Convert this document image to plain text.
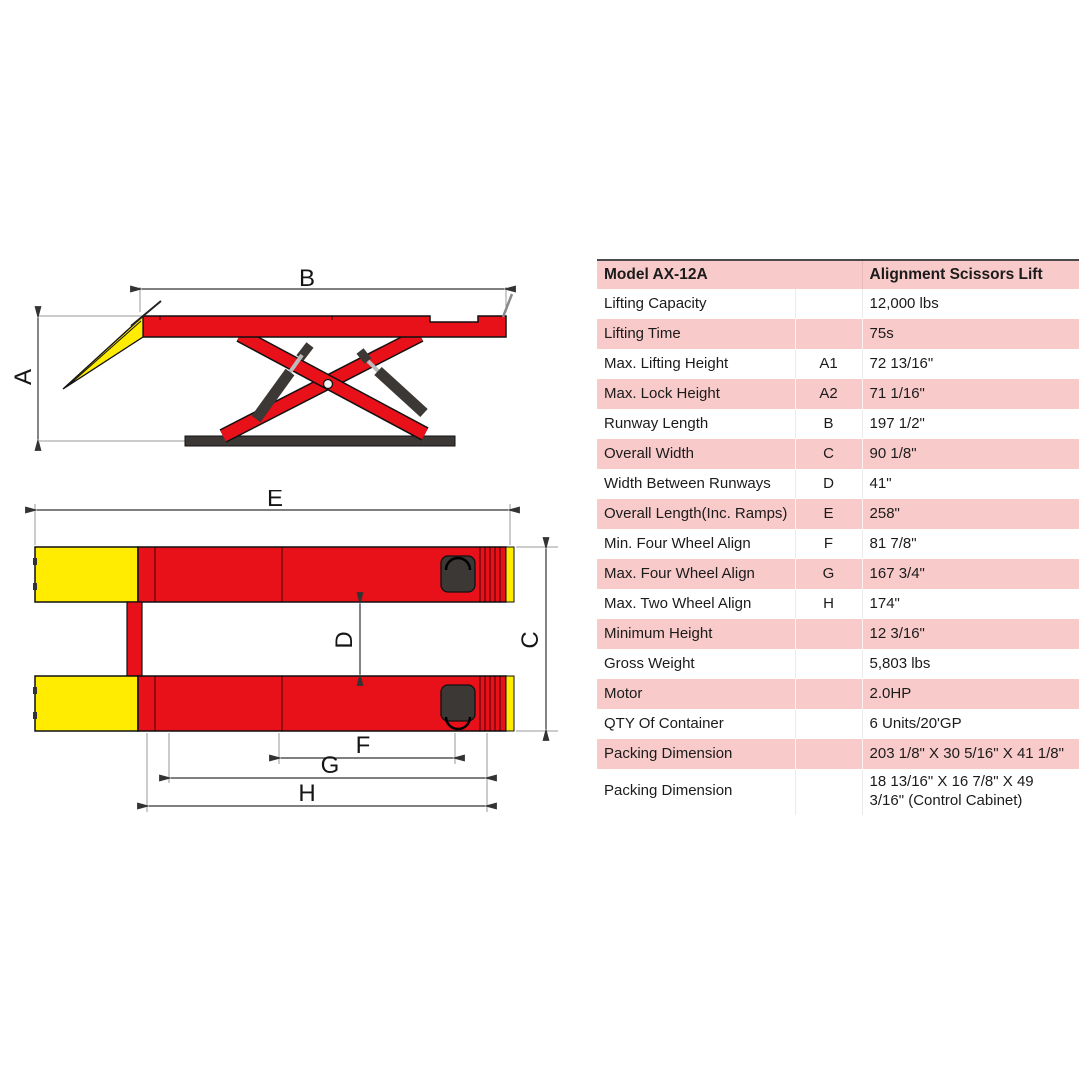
B
A
E
D	C
F
G
H
Model AX-12A		Alignment Scissors Lift
Lifting Capacity		12,000 lbs
Lifting Time		75s
Max. Lifting Height	A1	72 13/16"
Max. Lock Height	A2	71 1/16"
Runway Length	B	197 1/2"
Overall Width	C	90 1/8"
Width Between Runways	D	41"
Overall Length(Inc. Ramps)	E	258"
Min. Four Wheel Align	F	81 7/8"
Max. Four Wheel Align	G	167 3/4"
Max. Two Wheel Align	H	174"
Minimum Height		12 3/16"
Gross Weight		5,803 lbs
Motor		2.0HP
QTY Of Container		6 Units/20'GP
Packing Dimension		203 1/8" X 30 5/16" X 41 1/8"
Packing Dimension		18 13/16" X 16 7/8" X 49 3/16" (Control Cabinet)
